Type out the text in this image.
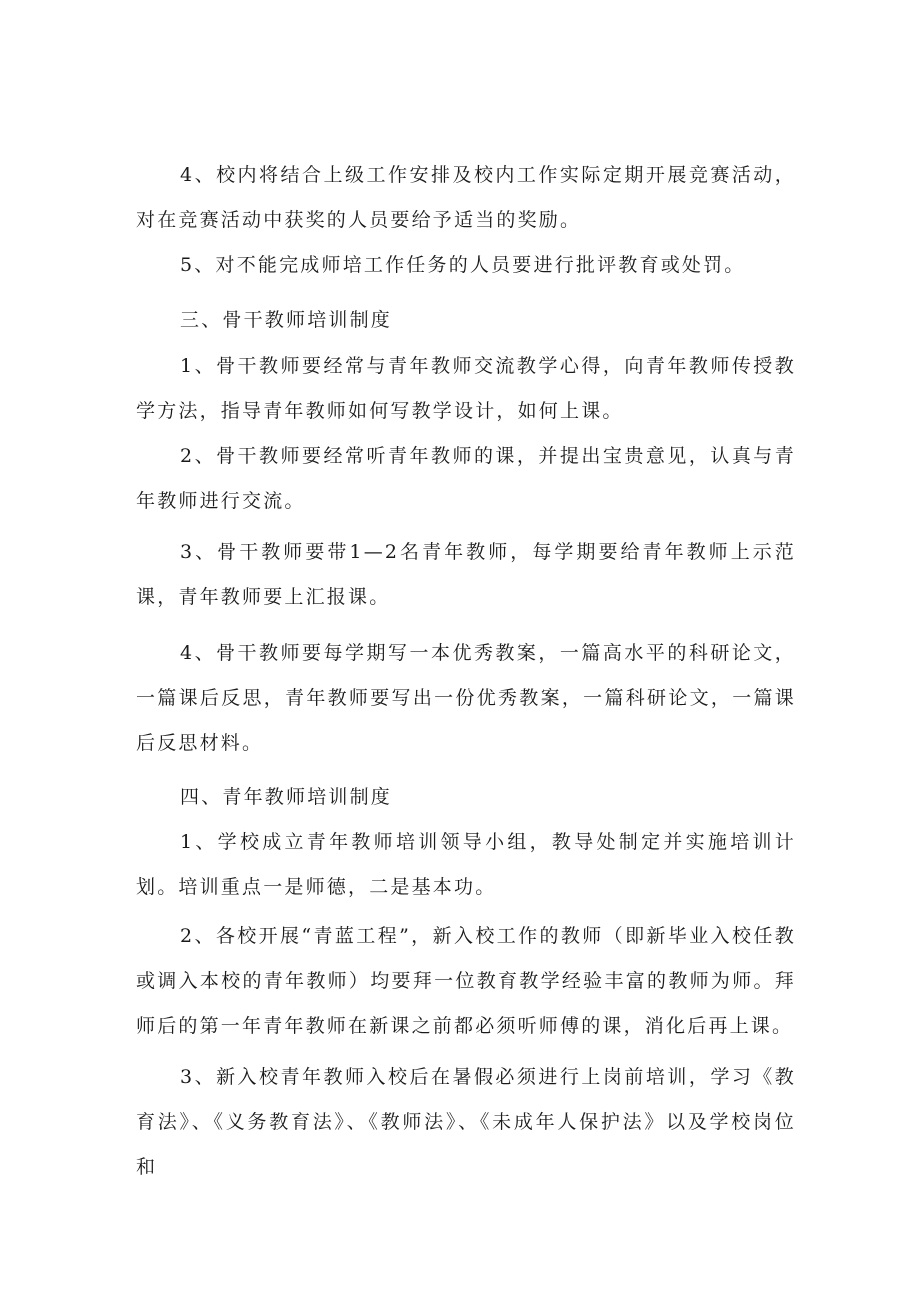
4、校内将结合上级工作安排及校内工作实际定期开展竞赛活动，对在竞赛活动中获奖的人员要给予适当的奖励。

5、对不能完成师培工作任务的人员要进行批评教育或处罚。

三、骨干教师培训制度

1、骨干教师要经常与青年教师交流教学心得，向青年教师传授教学方法，指导青年教师如何写教学设计，如何上课。

2、骨干教师要经常听青年教师的课，并提出宝贵意见，认真与青年教师进行交流。

3、骨干教师要带1—2名青年教师，每学期要给青年教师上示范课，青年教师要上汇报课。

4、骨干教师要每学期写一本优秀教案，一篇高水平的科研论文，一篇课后反思，青年教师要写出一份优秀教案，一篇科研论文，一篇课后反思材料。

四、青年教师培训制度

1、学校成立青年教师培训领导小组，教导处制定并实施培训计划。培训重点一是师德，二是基本功。

2、各校开展“青蓝工程”，新入校工作的教师（即新毕业入校任教或调入本校的青年教师）均要拜一位教育教学经验丰富的教师为师。拜师后的第一年青年教师在新课之前都必须听师傅的课，消化后再上课。

3、新入校青年教师入校后在暑假必须进行上岗前培训，学习《教育法》、《义务教育法》、《教师法》、《未成年人保护法》以及学校岗位和
